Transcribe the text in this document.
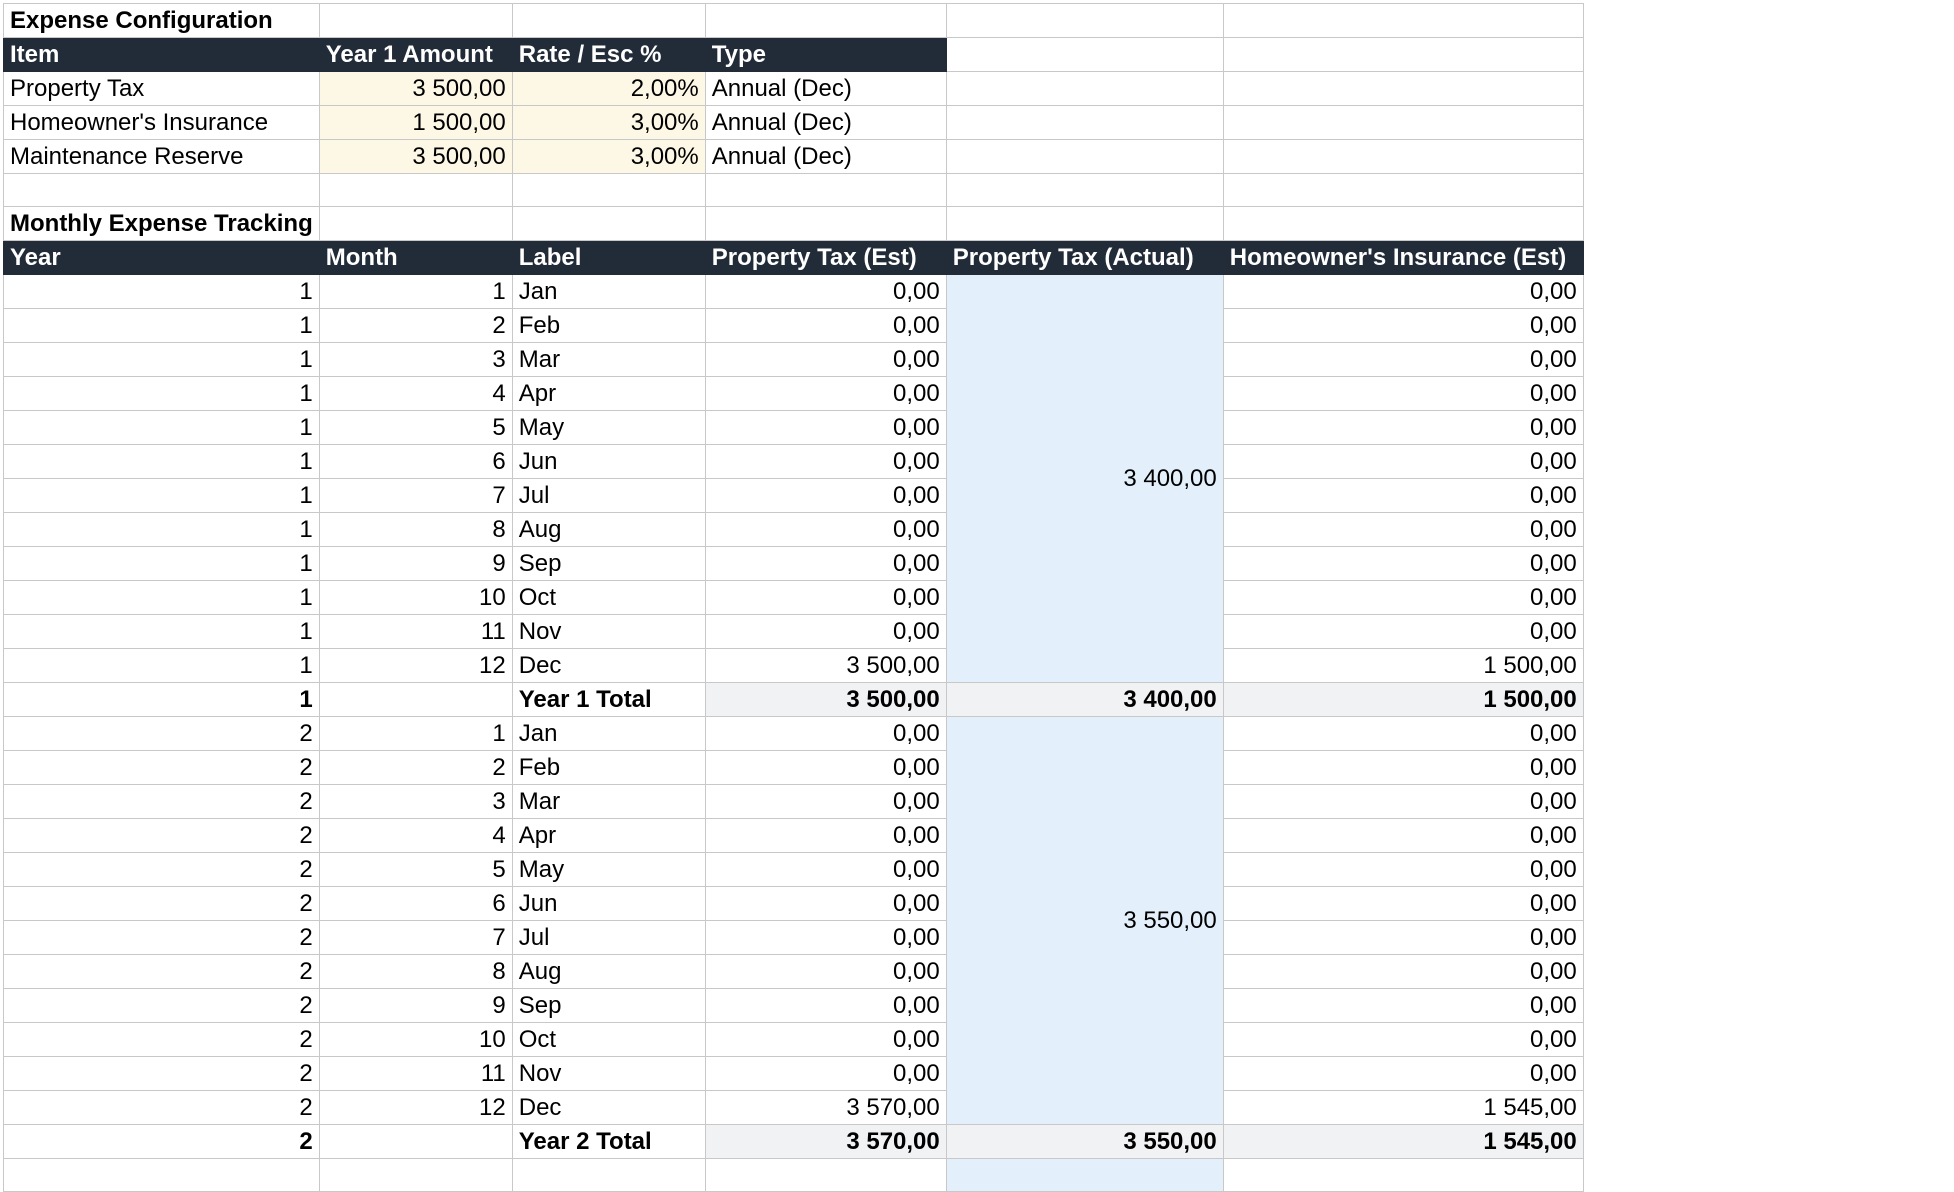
Expense Configuration					
Item	Year 1 Amount	Rate / Esc %	Type		
Property Tax	3 500,00	2,00%	Annual (Dec)		
Homeowner's Insurance	1 500,00	3,00%	Annual (Dec)		
Maintenance Reserve	3 500,00	3,00%	Annual (Dec)		

Monthly Expense Tracking					
Year	Month	Label	Property Tax (Est)	Property Tax (Actual)	Homeowner's Insurance (Est)
1	1	Jan	0,00	3 400,00	0,00
1	2	Feb	0,00		0,00
1	3	Mar	0,00		0,00
1	4	Apr	0,00		0,00
1	5	May	0,00		0,00
1	6	Jun	0,00		0,00
1	7	Jul	0,00		0,00
1	8	Aug	0,00		0,00
1	9	Sep	0,00		0,00
1	10	Oct	0,00		0,00
1	11	Nov	0,00		0,00
1	12	Dec	3 500,00		1 500,00
1		Year 1 Total	3 500,00	3 400,00	1 500,00
2	1	Jan	0,00	3 550,00	0,00
2	2	Feb	0,00		0,00
2	3	Mar	0,00		0,00
2	4	Apr	0,00		0,00
2	5	May	0,00		0,00
2	6	Jun	0,00		0,00
2	7	Jul	0,00		0,00
2	8	Aug	0,00		0,00
2	9	Sep	0,00		0,00
2	10	Oct	0,00		0,00
2	11	Nov	0,00		0,00
2	12	Dec	3 570,00		1 545,00
2		Year 2 Total	3 570,00	3 550,00	1 545,00
